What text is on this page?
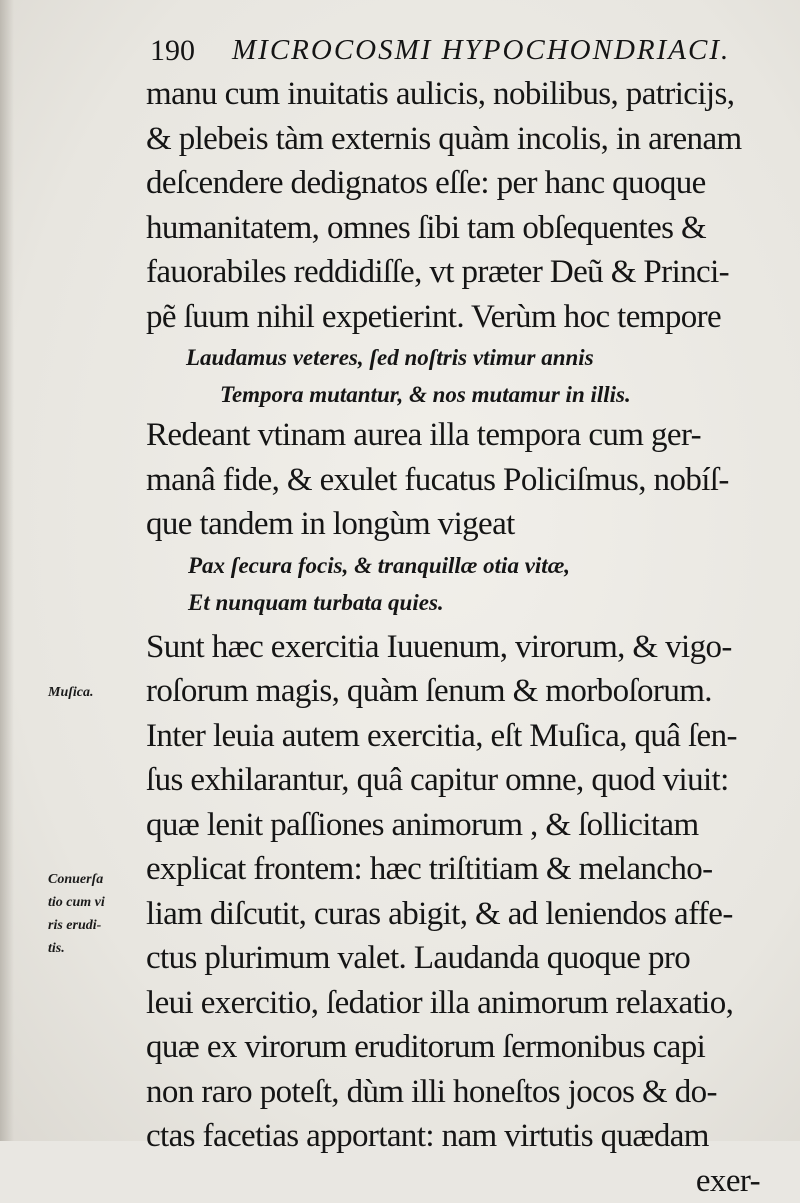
190 MICROCOSMI HYPOCHONDRIACI.
manu cum inuitatis aulicis, nobilibus, patricijs,
& plebeis tàm externis quàm incolis, in arenam
deſcendere dedignatos eſſe: per hanc quoque
humanitatem, omnes ſibi tam obſequentes &
fauorabiles reddidiſſe, vt præter Deũ & Princi-
pẽ ſuum nihil expetierint. Verùm hoc tempore
Laudamus veteres, ſed noſtris vtimur annis
Tempora mutantur, & nos mutamur in illis.
Redeant vtinam aurea illa tempora cum ger-
manâ fide, & exulet fucatus Policiſmus, nobíſ-
que tandem in longùm vigeat
Pax ſecura focis, & tranquillæ otia vitæ,
Et nunquam turbata quies.
Sunt hæc exercitia Iuuenum, virorum, & vigo-
roſorum magis, quàm ſenum & morboſorum.
Inter leuia autem exercitia, eſt Muſica, quâ ſen-
ſus exhilarantur, quâ capitur omne, quod viuit:
quæ lenit paſſiones animorum , & ſollicitam
explicat frontem: hæc triſtitiam & melancho-
liam diſcutit, curas abigit, & ad leniendos affe-
ctus plurimum valet. Laudanda quoque pro
leui exercitio, ſedatior illa animorum relaxatio,
quæ ex virorum eruditorum ſermonibus capi
non raro poteſt, dùm illi honeſtos jocos & do-
ctas facetias apportant: nam virtutis quædam
exer-
Muſica.
Conuerſa
tio cum vi
ris erudi-
tis.
